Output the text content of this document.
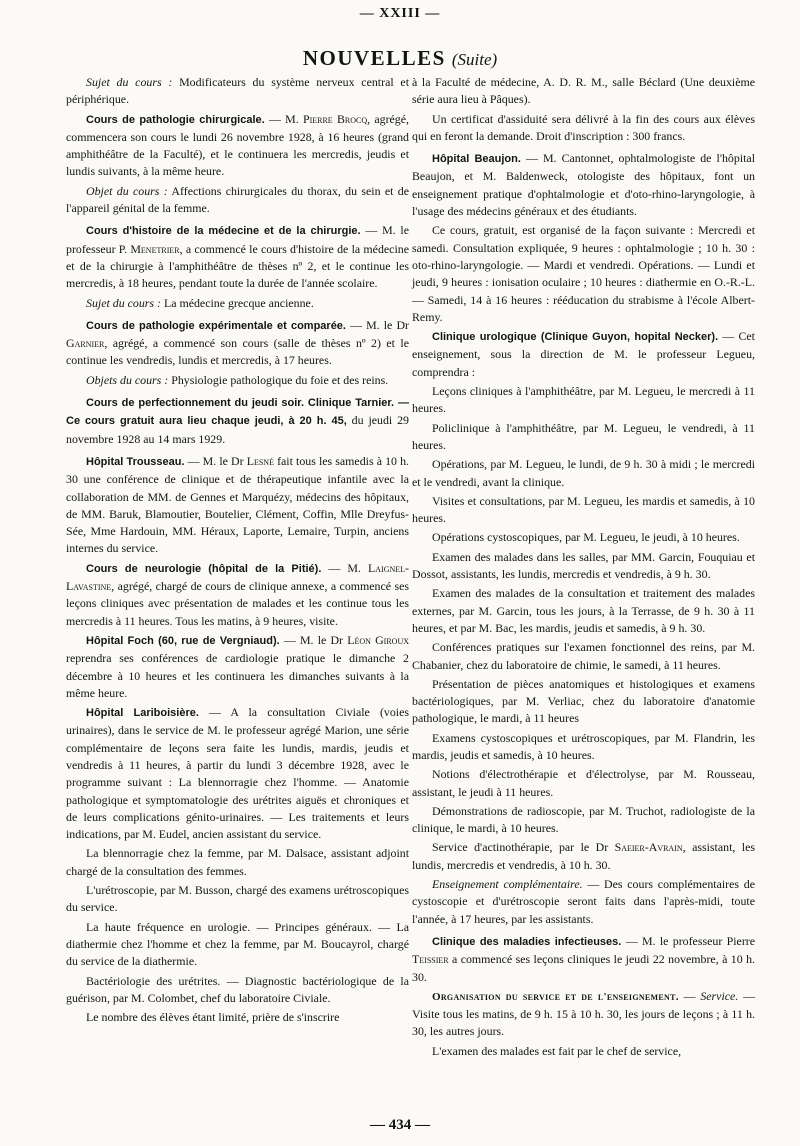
— XXIII —
NOUVELLES (Suite)

Sujet du cours : Modificateurs du système nerveux central et périphérique.

Cours de pathologie chirurgicale. — M. Pierre Brocq, agrégé, commencera son cours le lundi 26 novembre 1928, à 16 heures (grand amphithéâtre de la Faculté), et le continuera les mercredis, jeudis et lundis suivants, à la même heure.

Objet du cours : Affections chirurgicales du thorax, du sein et de l'appareil génital de la femme.

Cours d'histoire de la médecine et de la chirurgie. — M. le professeur P. Menetrier, a commencé le cours d'histoire de la médecine et de la chirurgie à l'amphithéâtre de thèses nº 2, et le continue les mercredis, à 18 heures, pendant toute la durée de l'année scolaire.

Sujet du cours : La médecine grecque ancienne.

Cours de pathologie expérimentale et comparée. — M. le Dr Garnier, agrégé, a commencé son cours (salle de thèses nº 2) et le continue les vendredis, lundis et mercredis, à 17 heures.

Objets du cours : Physiologie pathologique du foie et des reins.

Cours de perfectionnement du jeudi soir. Clinique Tarnier. — Ce cours gratuit aura lieu chaque jeudi, à 20 h. 45, du jeudi 29 novembre 1928 au 14 mars 1929.

Hôpital Trousseau. — M. le Dr Lesné fait tous les samedis à 10 h. 30 une conférence de clinique et de thérapeutique infantile avec la collaboration de MM. de Gennes et Marquézy, médecins des hôpitaux, de MM. Baruk, Blamoutier, Boutelier, Clément, Coffin, Mlle Dreyfus-Sée, Mme Hardouin, MM. Héraux, Laporte, Lemaire, Turpin, anciens internes du service.

Cours de neurologie (hôpital de la Pitié). — M. Laignel-Lavastine, agrégé, chargé de cours de clinique annexe, a commencé ses leçons cliniques avec présentation de malades et les continue tous les mercredis à 11 heures. Tous les matins, à 9 heures, visite.

Hôpital Foch (60, rue de Vergniaud). — M. le Dr Léon Giroux reprendra ses conférences de cardiologie pratique le dimanche 2 décembre à 10 heures et les continuera les dimanches suivants à la même heure.

Hôpital Lariboisière. — A la consultation Civiale (voies urinaires), dans le service de M. le professeur agrégé Marion, une série complémentaire de leçons sera faite les lundis, mardis, jeudis et vendredis à 11 heures, à partir du lundi 3 décembre 1928, avec le programme suivant : La blennorragie chez l'homme. — Anatomie pathologique et symptomatologie des urétrites aiguës et chroniques et de leurs complications génito-urinaires. — Les traitements et leurs indications, par M. Eudel, ancien assistant du service.

La blennorragie chez la femme, par M. Dalsace, assistant adjoint chargé de la consultation des femmes.

L'urétroscopie, par M. Busson, chargé des examens urétroscopiques du service.

La haute fréquence en urologie. — Principes généraux. — La diathermie chez l'homme et chez la femme, par M. Boucayrol, chargé du service de la diathermie.

Bactériologie des urétrites. — Diagnostic bactériologique de la guérison, par M. Colombet, chef du laboratoire Civiale.

Le nombre des élèves étant limité, prière de s'inscrire

à la Faculté de médecine, A. D. R. M., salle Béclard (Une deuxième série aura lieu à Pâques).

Un certificat d'assiduité sera délivré à la fin des cours aux élèves qui en feront la demande. Droit d'inscription : 300 francs.

Hôpital Beaujon. — M. Cantonnet, ophtalmologiste de l'hôpital Beaujon, et M. Baldenweck, otologiste des hôpitaux, font un enseignement pratique d'ophtalmologie et d'oto-rhino-laryngologie, à l'usage des médecins généraux et des étudiants.

Ce cours, gratuit, est organisé de la façon suivante : Mercredi et samedi. Consultation expliquée, 9 heures : ophtalmologie ; 10 h. 30 : oto-rhino-laryngologie. — Mardi et vendredi. Opérations. — Lundi et jeudi, 9 heures : ionisation oculaire ; 10 heures : diathermie en O.-R.-L. — Samedi, 14 à 16 heures : rééducation du strabisme à l'école Albert-Remy.

Clinique urologique (Clinique Guyon, hopital Necker). — Cet enseignement, sous la direction de M. le professeur Legueu, comprendra :

Leçons cliniques à l'amphithéâtre, par M. Legueu, le mercredi à 11 heures.

Policlinique à l'amphithéâtre, par M. Legueu, le vendredi, à 11 heures.

Opérations, par M. Legueu, le lundi, de 9 h. 30 à midi ; le mercredi et le vendredi, avant la clinique.

Visites et consultations, par M. Legueu, les mardis et samedis, à 10 heures.

Opérations cystoscopiques, par M. Legueu, le jeudi, à 10 heures.

Examen des malades dans les salles, par MM. Garcin, Fouquiau et Dossot, assistants, les lundis, mercredis et vendredis, à 9 h. 30.

Examen des malades de la consultation et traitement des malades externes, par M. Garcin, tous les jours, à la Terrasse, de 9 h. 30 à 11 heures, et par M. Bac, les mardis, jeudis et samedis, à 9 h. 30.

Conférences pratiques sur l'examen fonctionnel des reins, par M. Chabanier, chez du laboratoire de chimie, le samedi, à 11 heures.

Présentation de pièces anatomiques et histologiques et examens bactériologiques, par M. Verliac, chez du laboratoire d'anatomie pathologique, le mardi, à 11 heures

Examens cystoscopiques et urétroscopiques, par M. Flandrin, les mardis, jeudis et samedis, à 10 heures.

Notions d'électrothérapie et d'électrolyse, par M. Rousseau, assistant, le jeudi à 11 heures.

Démonstrations de radioscopie, par M. Truchot, radiologiste de la clinique, le mardi, à 10 heures.

Service d'actinothérapie, par le Dr Saeier-Avrain, assistant, les lundis, mercredis et vendredis, à 10 h. 30.

Enseignement complémentaire. — Des cours complémentaires de cystoscopie et d'urétroscopie seront faits dans l'après-midi, toute l'année, à 17 heures, par les assistants.

Clinique des maladies infectieuses. — M. le professeur Pierre Teissier a commencé ses leçons cliniques le jeudi 22 novembre, à 10 h. 30.

Organisation du service et de l'enseignement. — Service. — Visite tous les matins, de 9 h. 15 à 10 h. 30, les jours de leçons ; à 11 h. 30, les autres jours.

L'examen des malades est fait par le chef de service,

— 434 —
